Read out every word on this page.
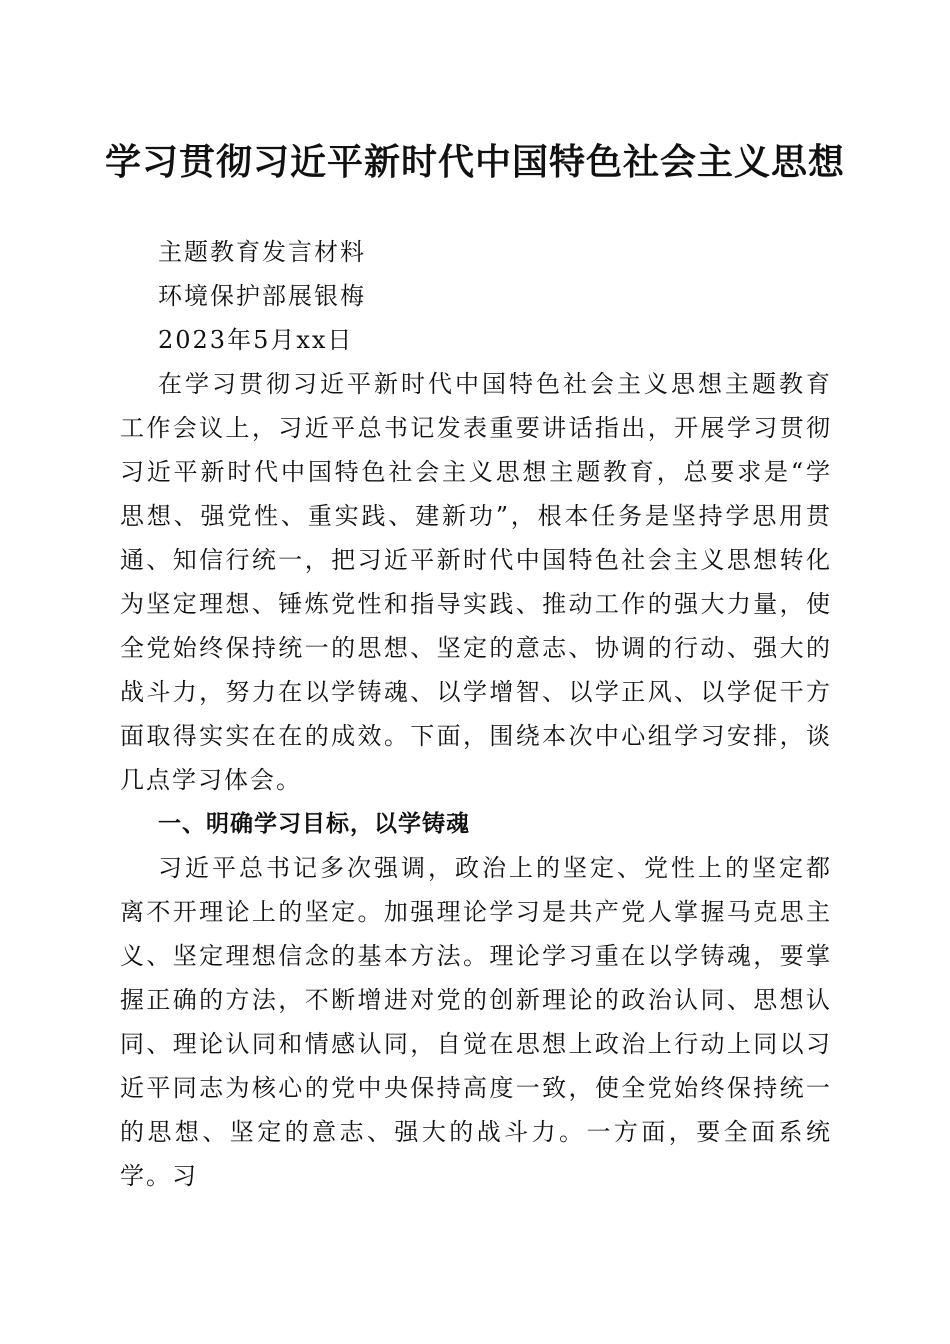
学习贯彻习近平新时代中国特色社会主义思想

主题教育发言材料

环境保护部展银梅

2023年5月xx日

在学习贯彻习近平新时代中国特色社会主义思想主题教育工作会议上，习近平总书记发表重要讲话指出，开展学习贯彻习近平新时代中国特色社会主义思想主题教育，总要求是“学思想、强党性、重实践、建新功”，根本任务是坚持学思用贯通、知信行统一，把习近平新时代中国特色社会主义思想转化为坚定理想、锤炼党性和指导实践、推动工作的强大力量，使全党始终保持统一的思想、坚定的意志、协调的行动、强大的战斗力，努力在以学铸魂、以学增智、以学正风、以学促干方面取得实实在在的成效。下面，围绕本次中心组学习安排，谈几点学习体会。

一、明确学习目标，以学铸魂

习近平总书记多次强调，政治上的坚定、党性上的坚定都离不开理论上的坚定。加强理论学习是共产党人掌握马克思主义、坚定理想信念的基本方法。理论学习重在以学铸魂，要掌握正确的方法，不断增进对党的创新理论的政治认同、思想认同、理论认同和情感认同，自觉在思想上政治上行动上同以习近平同志为核心的党中央保持高度一致，使全党始终保持统一的思想、坚定的意志、强大的战斗力。一方面，要全面系统学。习
